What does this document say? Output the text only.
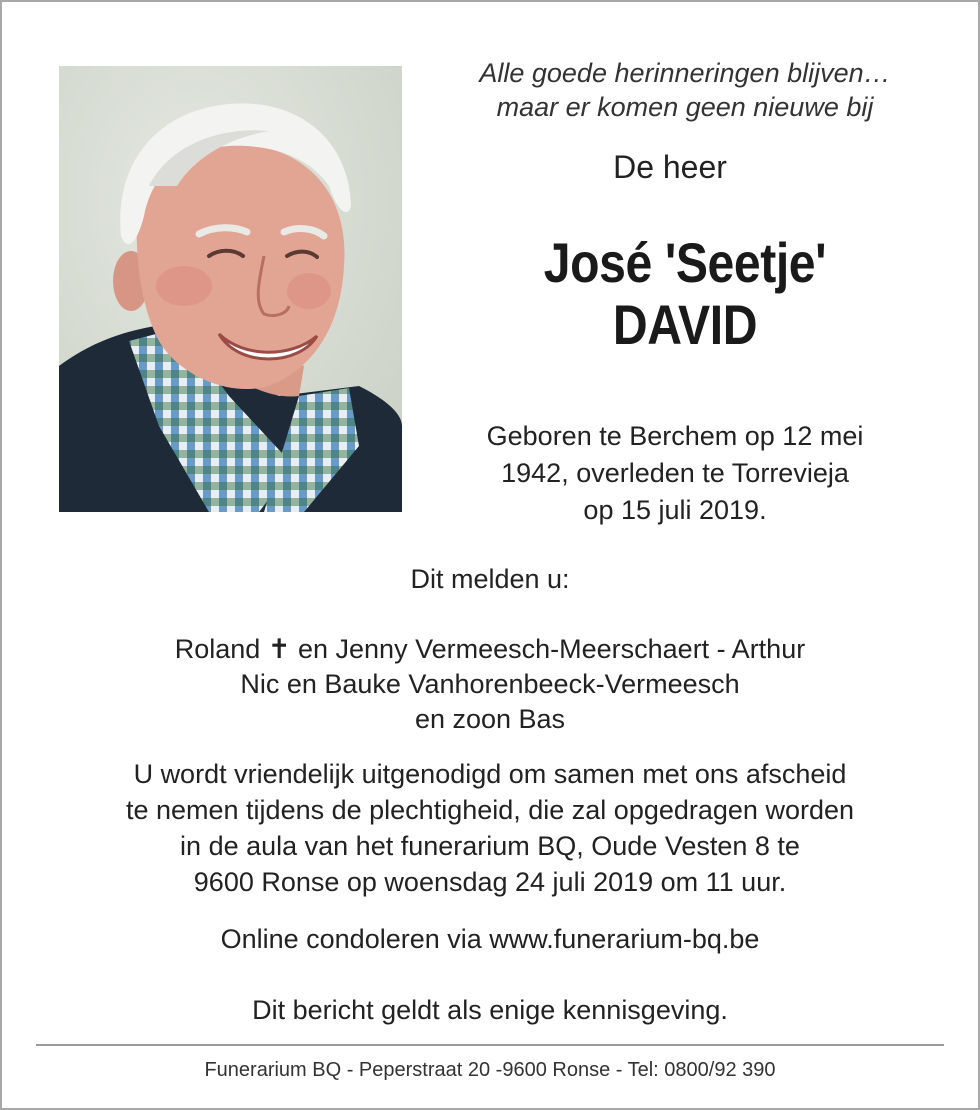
Alle goede herinneringen blijven…
maar er komen geen nieuwe bij
De heer
José 'Seetje'
DAVID
Geboren te Berchem op 12 mei
1942, overleden te Torrevieja
op 15 juli 2019.
Dit melden u:
Roland ✝ en Jenny Vermeesch-Meerschaert - Arthur
Nic en Bauke Vanhorenbeeck-Vermeesch
en zoon Bas
U wordt vriendelijk uitgenodigd om samen met ons afscheid
te nemen tijdens de plechtigheid, die zal opgedragen worden
in de aula van het funerarium BQ, Oude Vesten 8 te
9600 Ronse op woensdag 24 juli 2019 om 11 uur.
Online condoleren via www.funerarium-bq.be
Dit bericht geldt als enige kennisgeving.
Funerarium BQ - Peperstraat 20 -9600 Ronse - Tel: 0800/92 390
